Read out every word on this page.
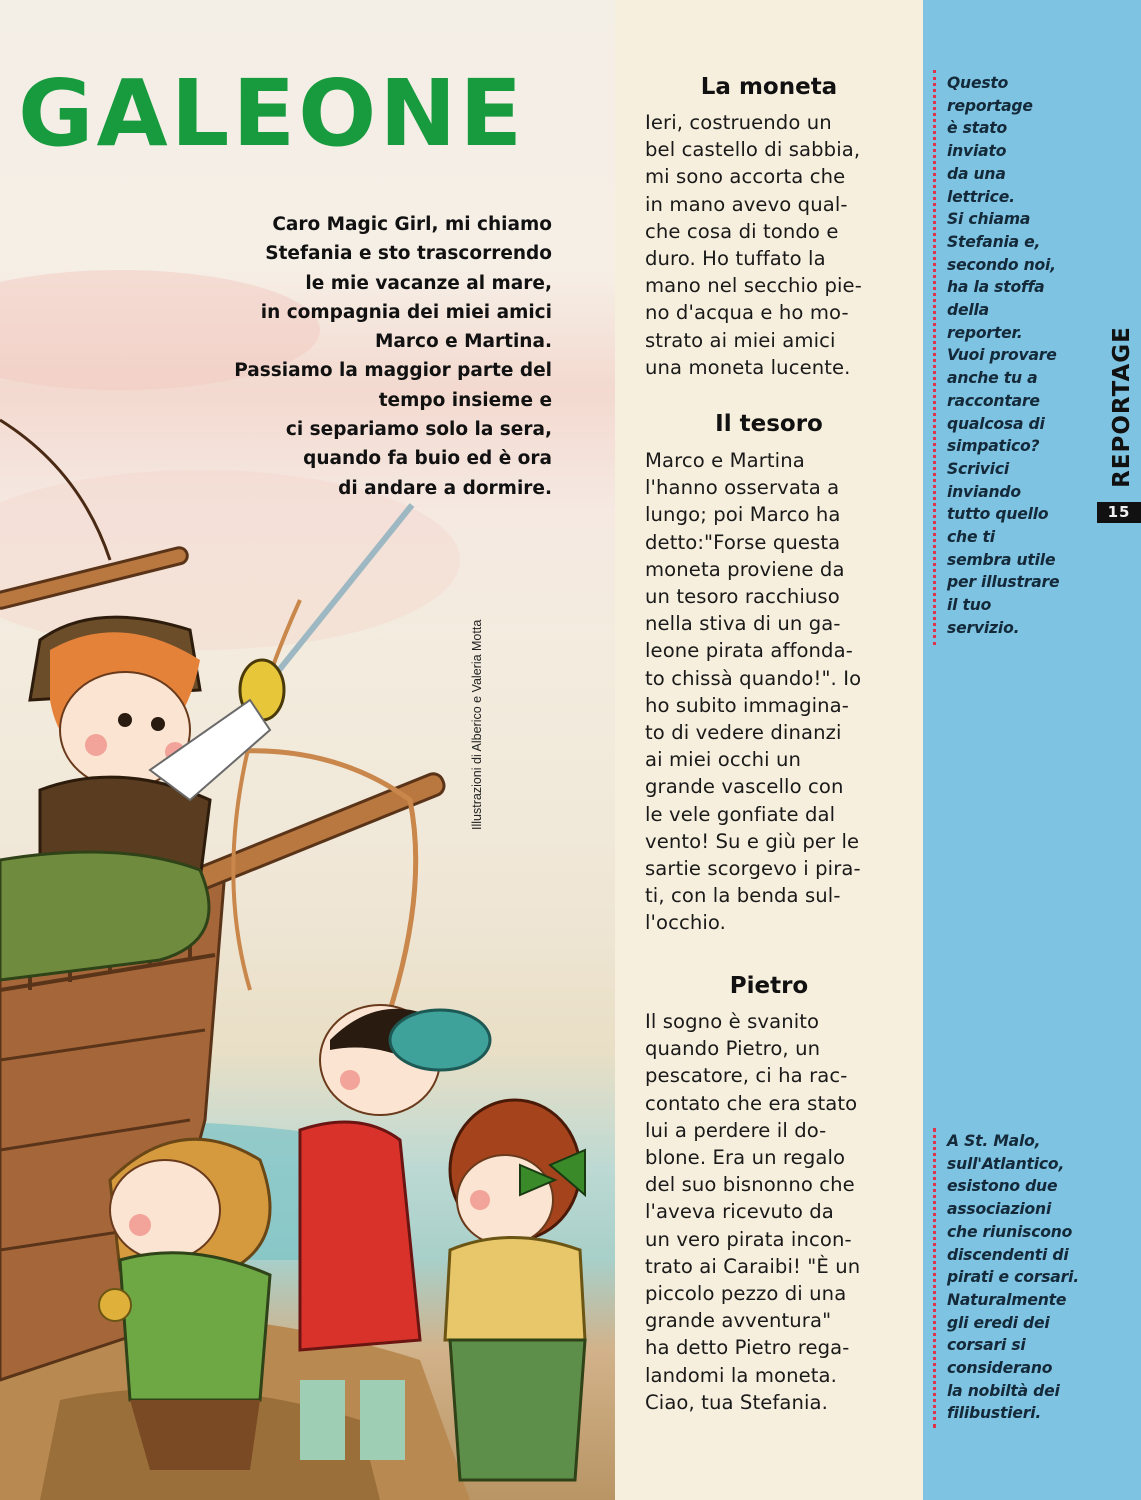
GALEONE

Caro Magic Girl, mi chiamo
Stefania e sto trascorrendo
le mie vacanze al mare,
in compagnia dei miei amici
Marco e Martina.
Passiamo la maggior parte del
tempo insieme e
ci separiamo solo la sera,
quando fa buio ed è ora
di andare a dormire.

Illustrazioni di Alberico e Valeria Motta
La moneta

Ieri, costruendo un
bel castello di sabbia,
mi sono accorta che
in mano avevo qual-
che cosa di tondo e
duro. Ho tuffato la
mano nel secchio pie-
no d'acqua e ho mo-
strato ai miei amici
una moneta lucente.

Il tesoro

Marco e Martina
l'hanno osservata a
lungo; poi Marco ha
detto:"Forse questa
moneta proviene da
un tesoro racchiuso
nella stiva di un ga-
leone pirata affonda-
to chissà quando!". Io
ho subito immagina-
to di vedere dinanzi
ai miei occhi un
grande vascello con
le vele gonfiate dal
vento! Su e giù per le
sartie scorgevo i pira-
ti, con la benda sul-
l'occhio.

Pietro

Il sogno è svanito
quando Pietro, un
pescatore, ci ha rac-
contato che era stato
lui a perdere il do-
blone. Era un regalo
del suo bisnonno che
l'aveva ricevuto da
un vero pirata incon-
trato ai Caraibi! "È un
piccolo pezzo di una
grande avventura"
ha detto Pietro rega-
landomi la moneta.
Ciao, tua Stefania.

Questo
reportage
è stato
inviato
da una
lettrice.
Si chiama
Stefania e,
secondo noi,
ha la stoffa
della
reporter.
Vuoi provare
anche tu a
raccontare
qualcosa di
simpatico?
Scrivici
inviando
tutto quello
che ti
sembra utile
per illustrare
il tuo
servizio.

A St. Malo,
sull'Atlantico,
esistono due
associazioni
che riuniscono
discendenti di
pirati e corsari.
Naturalmente
gli eredi dei
corsari si
considerano
la nobiltà dei
filibustieri.

REPORTAGE
15
